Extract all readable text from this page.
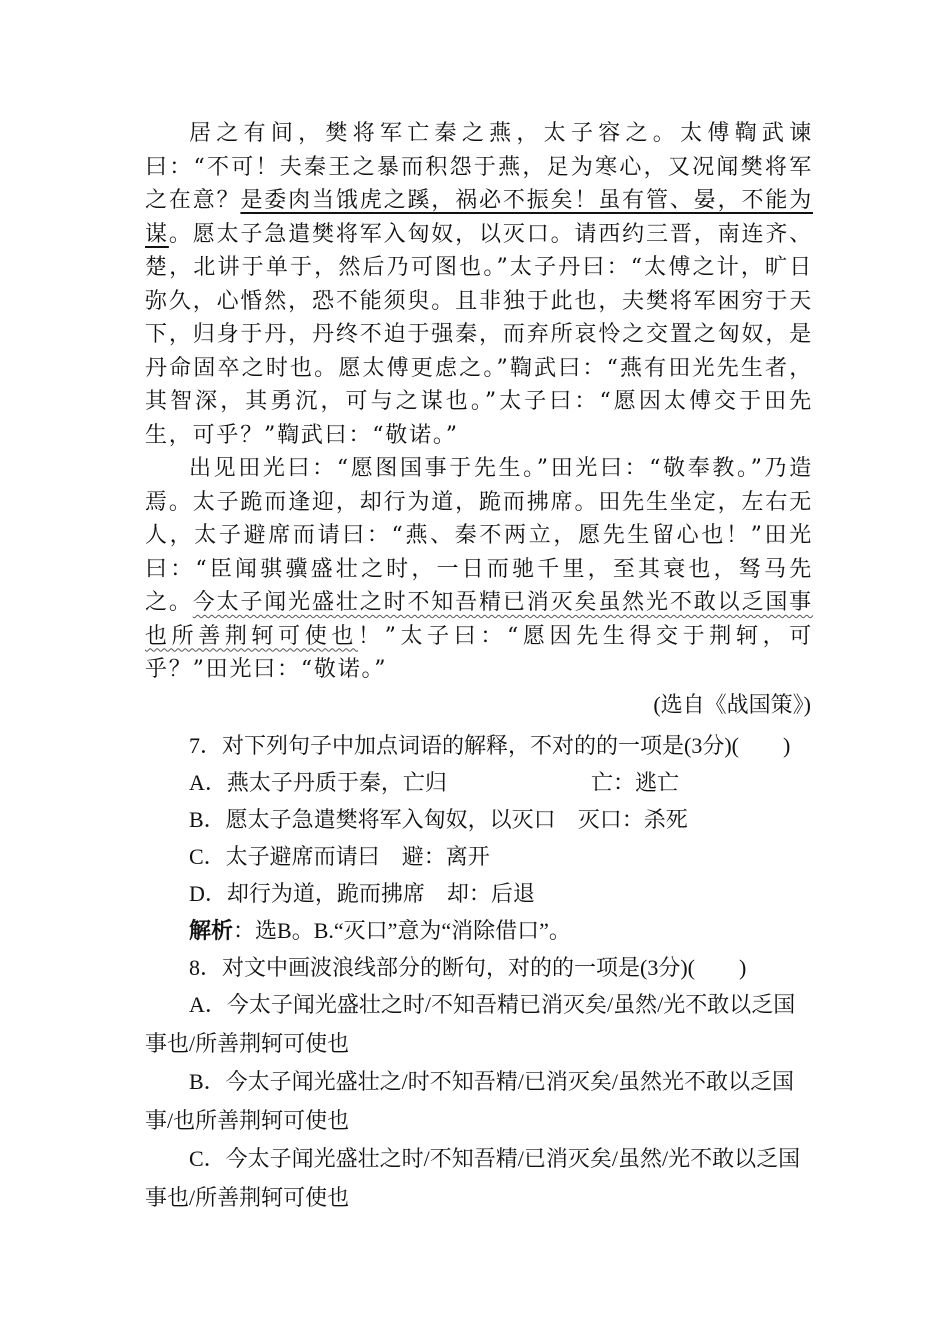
居之有间，樊将军亡秦之燕，太子容之。太傅鞫武谏曰：“不可！夫秦王之暴而积怨于燕，足为寒心，又况闻樊将军之在意？是委肉当饿虎之蹊，祸必不振矣！虽有管、晏，不能为谋。愿太子急遣樊将军入匈奴，以灭口。请西约三晋，南连齐、楚，北讲于单于，然后乃可图也。”太子丹曰：“太傅之计，旷日弥久，心惛然，恐不能须臾。且非独于此也，夫樊将军困穷于天下，归身于丹，丹终不迫于强秦，而弃所哀怜之交置之匈奴，是丹命固卒之时也。愿太傅更虑之。”鞫武曰：“燕有田光先生者，其智深，其勇沉，可与之谋也。”太子曰：“愿因太傅交于田先生，可乎？”鞫武曰：“敬诺。”

出见田光曰：“愿图国事于先生。”田光曰：“敬奉教。”乃造焉。太子跪而逢迎，却行为道，跪而拂席。田先生坐定，左右无人，太子避席而请曰：“燕、秦不两立，愿先生留心也！”田光曰：“臣闻骐骥盛壮之时，一日而驰千里，至其衰也，驽马先之。今太子闻光盛壮之时不知吾精已消灭矣虽然光不敢以乏国事也所善荆轲可使也！”太子曰：“愿因先生得交于荆轲，可乎？”田光曰：“敬诺。”

(选自《战国策》)
7．对下列句子中加点词语的解释，不对的的一项是(3分)(　　)
A．燕太子丹质于秦，亡归	亡：逃亡
B．愿太子急遣樊将军入匈奴，以灭口 　灭口：杀死
C．太子避席而请曰 　避：离开
D．却行为道，跪而拂席 　却：后退
解析：选B。B.“灭口”意为“消除借口”。
8．对文中画波浪线部分的断句，对的的一项是(3分)(　　)

A．今太子闻光盛壮之时/不知吾精已消灭矣/虽然/光不敢以乏国事也/所善荆轲可使也

B．今太子闻光盛壮之/时不知吾精/已消灭矣/虽然光不敢以乏国事/也所善荆轲可使也

C．今太子闻光盛壮之时/不知吾精/已消灭矣/虽然/光不敢以乏国事也/所善荆轲可使也
